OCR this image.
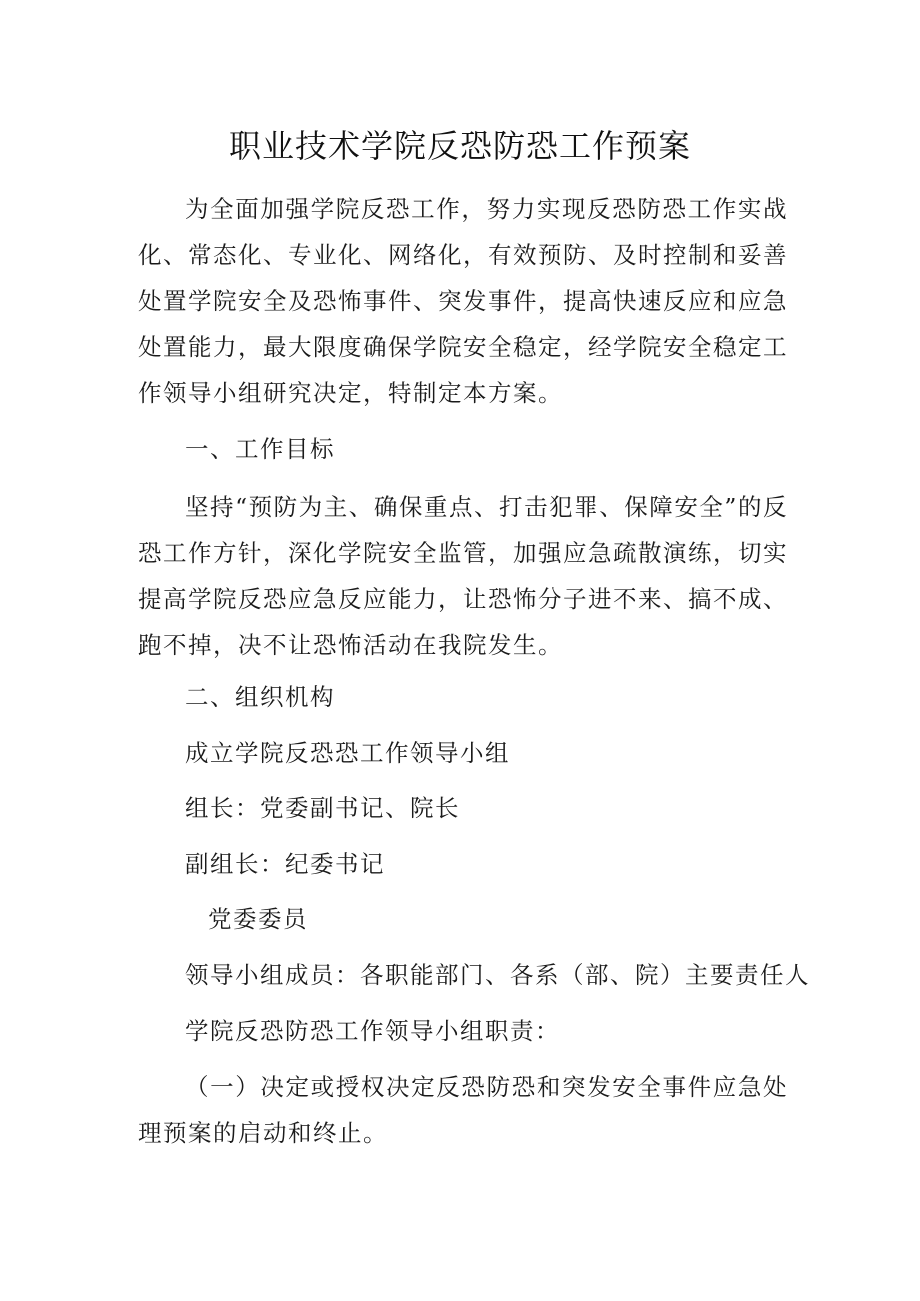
职业技术学院反恐防恐工作预案

为全面加强学院反恐工作，努力实现反恐防恐工作实战化、常态化、专业化、网络化，有效预防、及时控制和妥善处置学院安全及恐怖事件、突发事件，提高快速反应和应急处置能力，最大限度确保学院安全稳定，经学院安全稳定工作领导小组研究决定，特制定本方案。

一、工作目标

坚持“预防为主、确保重点、打击犯罪、保障安全”的反恐工作方针，深化学院安全监管，加强应急疏散演练，切实提高学院反恐应急反应能力，让恐怖分子进不来、搞不成、跑不掉，决不让恐怖活动在我院发生。

二、组织机构

成立学院反恐恐工作领导小组

组长：党委副书记、院长

副组长：纪委书记

党委委员

领导小组成员：各职能部门、各系（部、院）主要责任人

学院反恐防恐工作领导小组职责：

（一）决定或授权决定反恐防恐和突发安全事件应急处理预案的启动和终止。
